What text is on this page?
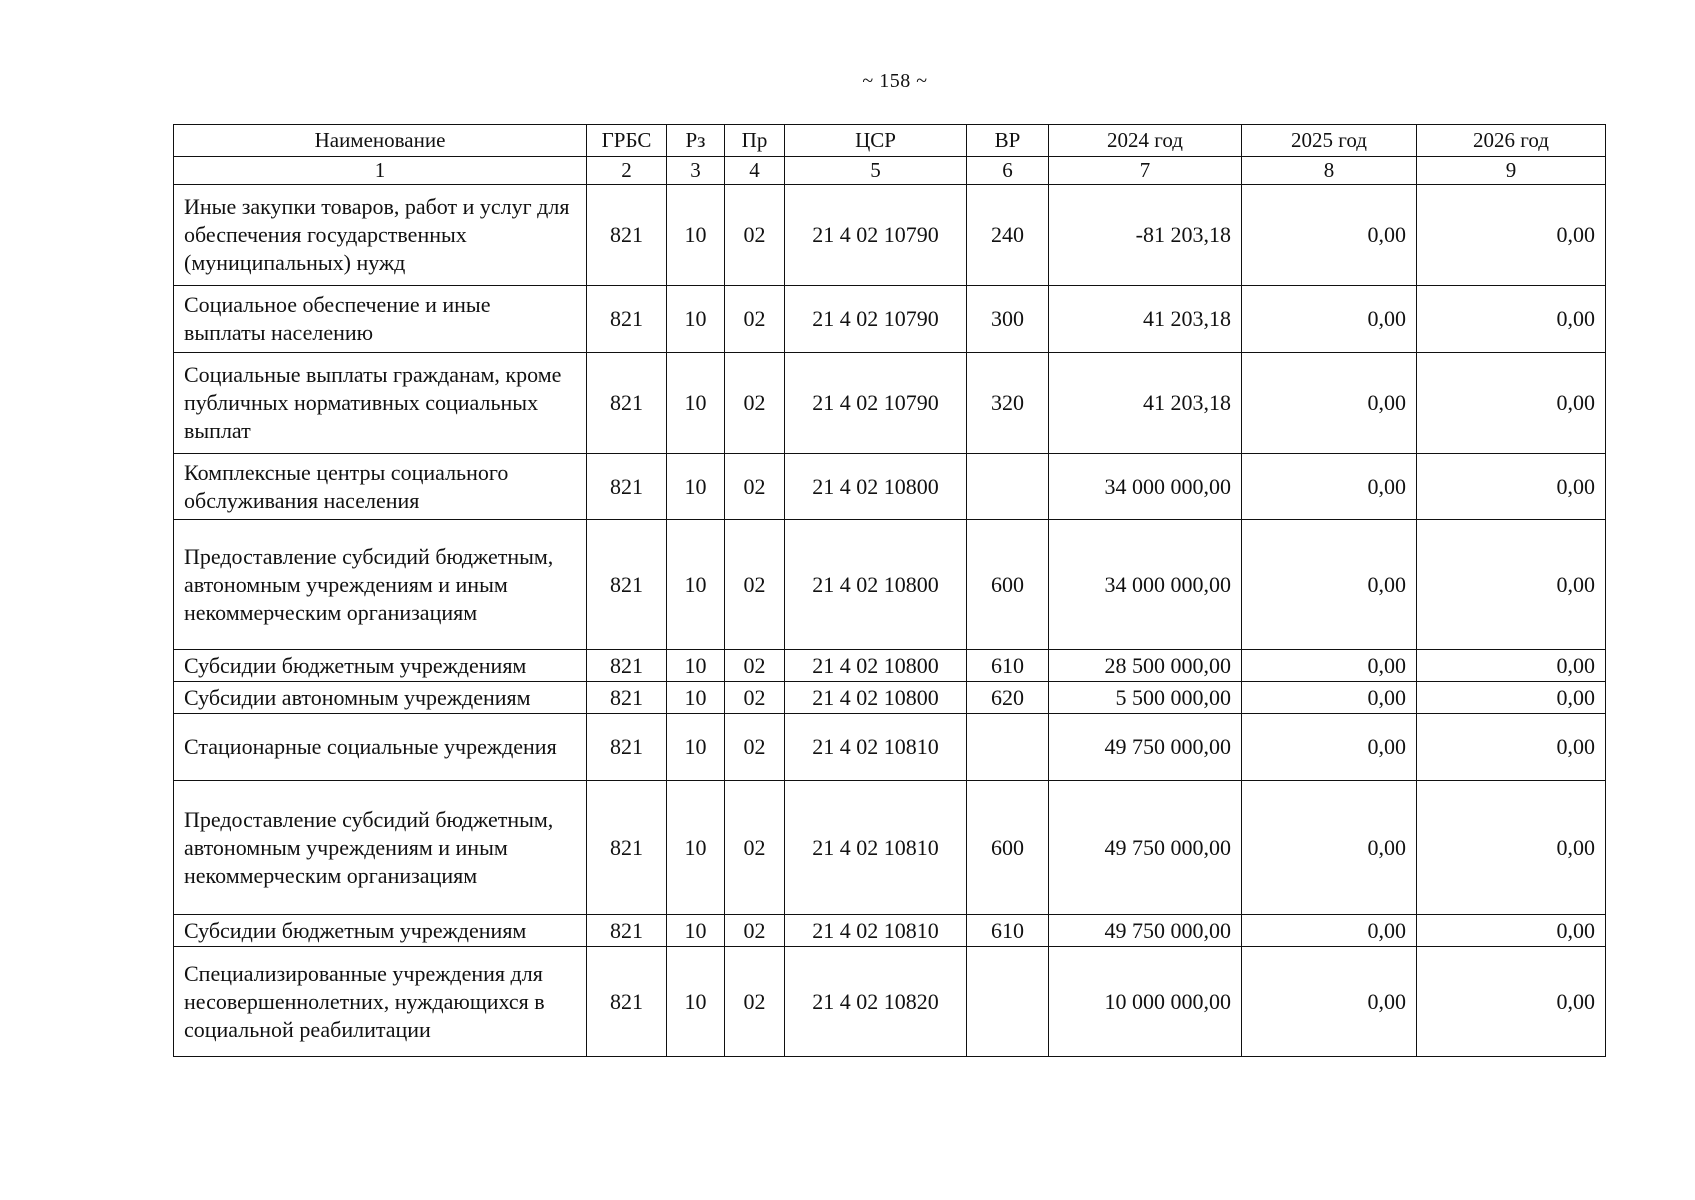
~ 158 ~
Наименование	ГРБС	Рз	Пр	ЦСР	ВР	2024 год	2025 год	2026 год
1	2	3	4	5	6	7	8	9
Иные закупки товаров, работ и услуг для обеспечения государственных (муниципальных) нужд	821	10	02	21 4 02 10790	240	-81 203,18	0,00	0,00
Социальное обеспечение и иные выплаты населению	821	10	02	21 4 02 10790	300	41 203,18	0,00	0,00
Социальные выплаты гражданам, кроме публичных нормативных социальных выплат	821	10	02	21 4 02 10790	320	41 203,18	0,00	0,00
Комплексные центры социального обслуживания населения	821	10	02	21 4 02 10800		34 000 000,00	0,00	0,00
Предоставление субсидий бюджетным, автономным учреждениям и иным некоммерческим организациям	821	10	02	21 4 02 10800	600	34 000 000,00	0,00	0,00
Субсидии бюджетным учреждениям	821	10	02	21 4 02 10800	610	28 500 000,00	0,00	0,00
Субсидии автономным учреждениям	821	10	02	21 4 02 10800	620	5 500 000,00	0,00	0,00
Стационарные социальные учреждения	821	10	02	21 4 02 10810		49 750 000,00	0,00	0,00
Предоставление субсидий бюджетным, автономным учреждениям и иным некоммерческим организациям	821	10	02	21 4 02 10810	600	49 750 000,00	0,00	0,00
Субсидии бюджетным учреждениям	821	10	02	21 4 02 10810	610	49 750 000,00	0,00	0,00
Специализированные учреждения для несовершеннолетних, нуждающихся в социальной реабилитации	821	10	02	21 4 02 10820		10 000 000,00	0,00	0,00
